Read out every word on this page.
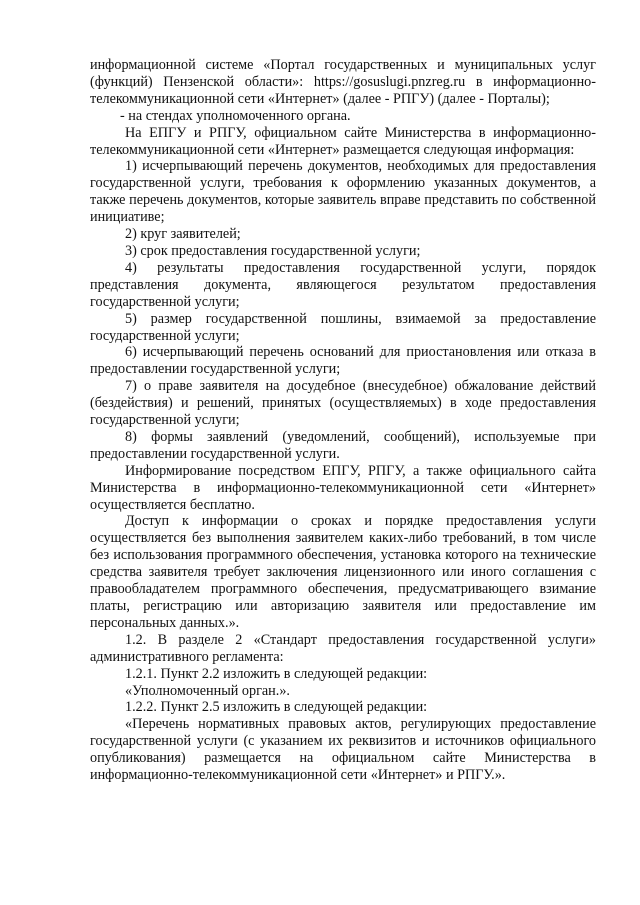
информационной системе «Портал государственных и муниципальных услуг (функций) Пензенской области»: https://gosuslugi.pnzreg.ru в информационно-телекоммуникационной сети «Интернет» (далее - РПГУ) (далее - Порталы);

- на стендах уполномоченного органа.

На ЕПГУ и РПГУ, официальном сайте Министерства в информационно-телекоммуникационной сети «Интернет» размещается следующая информация:

1) исчерпывающий перечень документов, необходимых для предоставления государственной услуги, требования к оформлению указанных документов, а также перечень документов, которые заявитель вправе представить по собственной инициативе;

2) круг заявителей;

3) срок предоставления государственной услуги;

4) результаты предоставления государственной услуги, порядок представления документа, являющегося результатом предоставления государственной услуги;

5) размер государственной пошлины, взимаемой за предоставление государственной услуги;

6) исчерпывающий перечень оснований для приостановления или отказа в предоставлении государственной услуги;

7) о праве заявителя на досудебное (внесудебное) обжалование действий (бездействия) и решений, принятых (осуществляемых) в ходе предоставления государственной услуги;

8) формы заявлений (уведомлений, сообщений), используемые при предоставлении государственной услуги.

Информирование посредством ЕПГУ, РПГУ, а также официального сайта Министерства в информационно-телекоммуникационной сети «Интернет» осуществляется бесплатно.

Доступ к информации о сроках и порядке предоставления услуги осуществляется без выполнения заявителем каких-либо требований, в том числе без использования программного обеспечения, установка которого на технические средства заявителя требует заключения лицензионного или иного соглашения с правообладателем программного обеспечения, предусматривающего взимание платы, регистрацию или авторизацию заявителя или предоставление им персональных данных.».

1.2. В разделе 2 «Стандарт предоставления государственной услуги» административного регламента:

1.2.1. Пункт 2.2 изложить в следующей редакции:

«Уполномоченный орган.».

1.2.2. Пункт 2.5 изложить в следующей редакции:

«Перечень нормативных правовых актов, регулирующих предоставление государственной услуги (с указанием их реквизитов и источников официального опубликования) размещается на официальном сайте Министерства в информационно-телекоммуникационной сети «Интернет» и РПГУ.».
